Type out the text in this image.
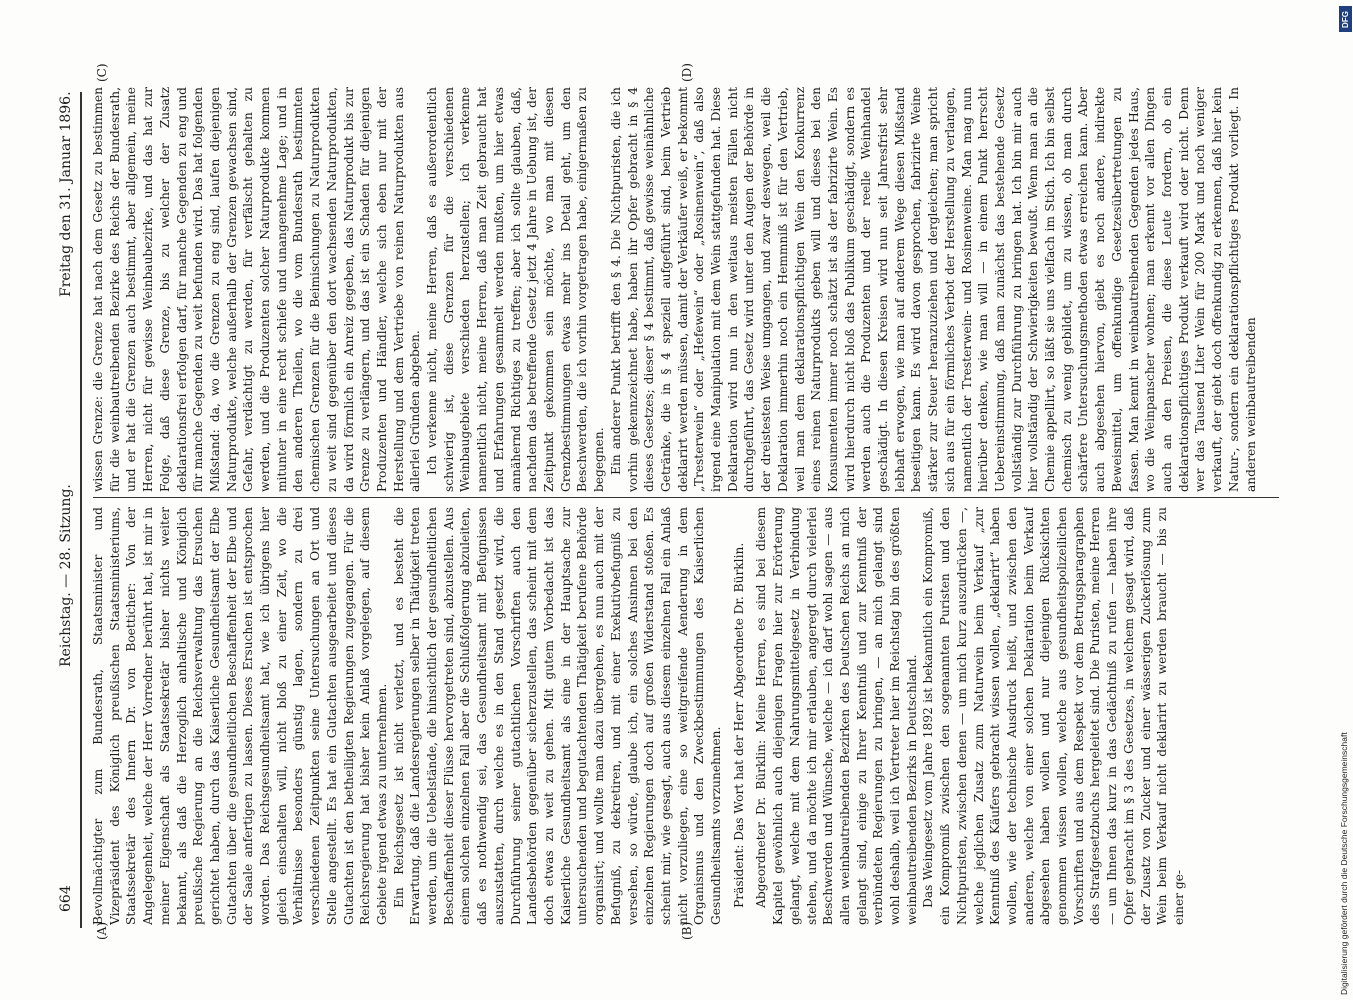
664
Reichstag. — 28. Sitzung.
Freitag den 31. Januar 1896.

Bevollmächtigter zum Bundesrath, Staatsminister und Vizepräsident des Königlich preußischen Staatsministeriums, Staatssekretär des Innern Dr. von Boetticher: Von der Angelegenheit, welche der Herr Vorredner berührt hat, ist mir in meiner Eigenschaft als Staatssekretär bisher nichts weiter bekannt, als daß die Herzoglich anhaltische und Königlich preußische Regierung an die Reichsverwaltung das Ersuchen gerichtet haben, durch das Kaiserliche Gesundheitsamt der Elbe Gutachten über die gesundheitlichen Beschaffenheit der Elbe und der Saale anfertigen zu lassen. Dieses Ersuchen ist entsprochen worden. Das Reichsgesundheitsamt hat, wie ich übrigens hier gleich einschalten will, nicht bloß zu einer Zeit, wo die Verhältnisse besonders günstig lagen, sondern zu drei verschiedenen Zeitpunkten seine Untersuchungen an Ort und Stelle angestellt. Es hat ein Gutachten ausgearbeitet und dieses Gutachten ist den betheiligten Regierungen zugegangen. Für die Reichsregierung hat bisher kein Anlaß vorgelegen, auf diesem Gebiete irgend etwas zu unternehmen. Ein Reichsgesetz ist nicht verletzt, und es besteht die Erwartung, daß die Landesregierungen selber in Thätigkeit treten werden, um die Uebelstände, die hinsichtlich der gesundheitlichen Beschaffenheit dieser Flüsse hervorgetreten sind, abzustellen. Aus einem solchen einzelnen Fall aber die Schlußfolgerung abzuleiten, daß es nothwendig sei, das Gesundheitsamt mit Befugnissen auszustatten, durch welche es in den Stand gesetzt wird, die Durchführung seiner gutachtlichen Vorschriften auch den Landesbehörden gegenüber sicherzustellen, das scheint mit dem doch etwas zu weit zu gehen. Mit gutem Vorbedacht ist das Kaiserliche Gesundheitsamt als eine in der Hauptsache zur untersuchenden und begutachtenden Thätigkeit berufene Behörde organisirt; und wollte man dazu übergehen, es nun auch mit der Befugniß, zu dekretiren, und mit einer Exekutivbefugniß zu versehen, so würde, glaube ich, ein solches Ansinnen bei den einzelnen Regierungen doch auf großen Widerstand stoßen. Es scheint mir, wie gesagt, auch aus diesem einzelnen Fall ein Anlaß nicht vorzuliegen, eine so weitgreifende Aenderung in dem Organismus und den Zweckbestimmungen des Kaiserlichen Gesundheitsamts vorzunehmen. Präsident: Das Wort hat der Herr Abgeordnete Dr. Bürklin. Abgeordneter Dr. Bürklin: Meine Herren, es sind bei diesem Kapitel gewöhnlich auch diejenigen Fragen hier zur Erörterung gelangt, welche mit dem Nahrungsmittelgesetz in Verbindung stehen, und da möchte ich mir erlauben, angeregt durch vielerlei Beschwerden und Wünsche, welche — ich darf wohl sagen — aus allen weinbautreibenden Bezirken des Deutschen Reichs an mich gelangt sind, einige zu Ihrer Kenntniß und zur Kenntniß der verbündeten Regierungen zu bringen, — an mich gelangt sind wohl deshalb, weil ich Vertreter hier im Reichstag bin des größten weinbautreibenden Bezirks in Deutschland. Das Weingesetz vom Jahre 1892 ist bekanntlich ein Kompromiß, ein Kompromiß zwischen den sogenannten Puristen und den Nichtpuristen, zwischen denen — um mich kurz auszudrücken —, welche jeglichen Zusatz zum Naturwein beim Verkauf „zur Kenntniß des Käufers gebracht wissen wollen, „deklarirt“ haben wollen, wie der technische Ausdruck heißt, und zwischen den anderen, welche von einer solchen Deklaration beim Verkauf abgesehen haben wollen und nur diejenigen Rücksichten genommen wissen wollen, welche aus gesundheitspolizeilichen Vorschriften und aus dem Respekt vor dem Betrugsparagraphen des Strafgesetzbuchs hergeleitet sind. Die Puristen, meine Herren — um Ihnen das kurz in das Gedächtniß zu rufen — haben ihre Opfer gebracht im § 3 des Gesetzes, in welchem gesagt wird, daß der Zusatz von Zucker und einer wässerigen Zuckerlösung zum Wein beim Verkauf nicht deklarirt zu werden braucht — bis zu einer ge-

wissen Grenze: die Grenze hat nach dem Gesetz zu bestimmen für die weinbautreibenden Bezirke des Reichs der Bundesrath, und er hat die Grenzen auch bestimmt, aber allgemein, meine Herren, nicht für gewisse Weinbaubezirke, und das hat zur Folge, daß diese Grenze, bis zu welcher der Zusatz deklarationsfrei erfolgen darf, für manche Gegenden zu eng und für manche Gegenden zu weit befunden wird. Das hat folgenden Mißstand: da, wo die Grenzen zu eng sind, laufen diejenigen Naturprodukte, welche außerhalb der Grenzen gewachsen sind, Gefahr, verdächtigt zu werden, für verfälscht gehalten zu werden, und die Produzenten solcher Naturprodukte kommen mitunter in eine recht schiefe und unangenehme Lage; und in den anderen Theilen, wo die vom Bundesrath bestimmten chemischen Grenzen für die Beimischungen zu Naturprodukten zu weit sind gegenüber den dort wachsenden Naturprodukten, da wird förmlich ein Anreiz gegeben, das Naturprodukt bis zur Grenze zu verlängern, und das ist ein Schaden für diejenigen Produzenten und Händler, welche sich eben nur mit der Herstellung und dem Vertriebe von reinen Naturprodukten aus allerlei Gründen abgeben. Ich verkenne nicht, meine Herren, daß es außerordentlich schwierig ist, diese Grenzen für die verschiedenen Weinbaugebiete verschieden herzustellen; ich verkenne namentlich nicht, meine Herren, daß man Zeit gebraucht hat und Erfahrungen gesammelt werden mußten, um hier etwas annähernd Richtiges zu treffen; aber ich sollte glauben, daß, nachdem das betreffende Gesetz jetzt 4 Jahre in Uebung ist, der Zeitpunkt gekommen sein möchte, wo man mit diesen Grenzbestimmungen etwas mehr ins Detail geht, um den Beschwerden, die ich vorhin vorgetragen habe, einigermaßen zu begegnen. Ein anderer Punkt betrifft den § 4. Die Nichtpuristen, die ich vorhin gekennzeichnet habe, haben ihr Opfer gebracht in § 4 dieses Gesetzes; dieser § 4 bestimmt, daß gewisse weinähnliche Getränke, die in § 4 speziell aufgeführt sind, beim Vertrieb deklarirt werden müssen, damit der Verkäufer weiß, er bekommt „Tresterwein“ oder „Hefewein“ oder „Rosinenwein“, daß also irgend eine Manipulation mit dem Wein stattgefunden hat. Diese Deklaration wird nun in den weitaus meisten Fällen nicht durchgeführt, das Gesetz wird unter den Augen der Behörde in der dreistesten Weise umgangen, und zwar deswegen, weil die Deklaration immerhin noch ein Hemmniß ist für den Vertrieb, weil man dem deklarationspflichtigen Wein den Konkurrenz eines reinen Naturprodukts geben will und dieses bei den Konsumenten immer noch schätzt ist als der fabrizirte Wein. Es wird hierdurch nicht bloß das Publikum geschädigt, sondern es werden auch die Produzenten und der reelle Weinhandel geschädigt. In diesen Kreisen wird nun seit Jahresfrist sehr lebhaft erwogen, wie man auf anderem Wege diesen Mißstand beseitigen kann. Es wird davon gesprochen, fabrizirte Weine stärker zur Steuer heranzuziehen und dergleichen; man spricht sich aus für ein förmliches Verbot der Herstellung zu verlangen, namentlich der Tresterwein- und Rosinenweine. Man mag nun hierüber denken, wie man will — in einem Punkt herrscht Uebereinstimmung, daß man zunächst das bestehende Gesetz vollständig zur Durchführung zu bringen hat. Ich bin mir auch hier vollständig der Schwierigkeiten bewußt. Wenn man an die Chemie appellirt, so läßt sie uns vielfach im Stich. Ich bin selbst chemisch zu wenig gebildet, um zu wissen, ob man durch schärfere Untersuchungsmethoden etwas erreichen kann. Aber auch abgesehen hiervon, giebt es noch andere, indirekte Beweismittel, um offenkundige Gesetzesübertretungen zu fassen. Man kennt in weinbautreibenden Gegenden jedes Haus, wo die Weinpanscher wohnen; man erkennt vor allen Dingen auch an den Preisen, die diese Leute fordern, ob ein deklarationspflichtiges Produkt verkauft wird oder nicht. Denn wer das Tausend Liter Wein für 200 Mark und noch weniger verkauft, der giebt doch offenkundig zu erkennen, daß hier kein Natur-, sondern ein deklarationspflichtiges Produkt vorliegt. In anderen weinbautreibenden

(A)
(C)
(B)
(D)
DFG
Digitalisierung gefördert durch die Deutsche Forschungsgemeinschaft
